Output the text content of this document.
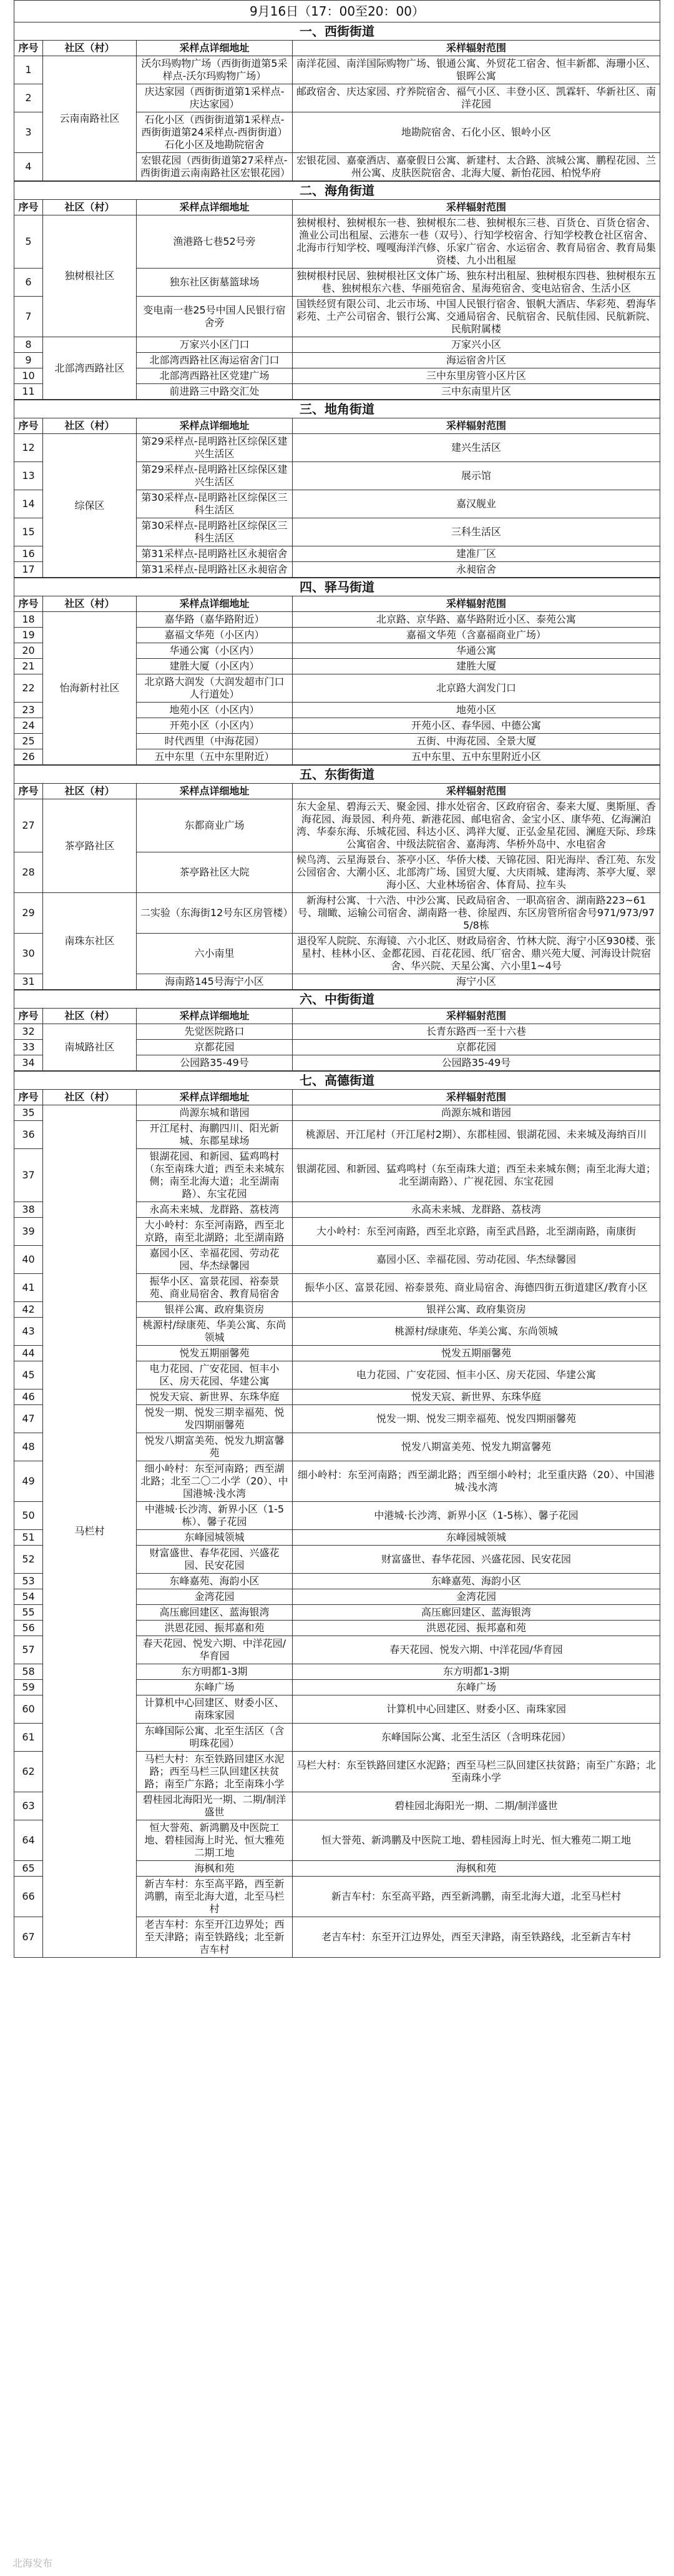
9月16日（17：00至20：00）
一、西街街道
序号	社区（村）	采样点详细地址	采样辐射范围
1	云南南路社区	沃尔玛购物广场（西街街道第5采样点-沃尔玛购物广场）	南洋花园、南洋国际购物广场、银通公寓、外贸花工宿舍、恒丰新都、海珊小区、银晖公寓
2		庆达家园（西街街道第1采样点-庆达家园）	邮政宿舍、庆达家园、疗养院宿舍、福气小区、丰登小区、凯霖轩、华新社区、南洋花园
3		石化小区（西街街道第1采样点-西街街道第24采样点-西街街道）石化小区及地勘院宿舍	地勘院宿舍、石化小区、银岭小区
4		宏银花园（西街街道第27采样点-西街街道云南南路社区宏银花园）	宏银花园、嘉豪酒店、嘉豪假日公寓、新建村、太合路、滨城公寓、鹏程花园、兰州公寓、皮肤医院宿舍、北海大厦、新怡花园、柏悦华府
二、海角街道
序号	社区（村）	采样点详细地址	采样辐射范围
5	独树根社区	渔港路七巷52号旁	独树根村、独树根东一巷、独树根东二巷、独树根东三巷、百货仓、百货仓宿舍、渔业公司出租屋、云港东一巷（双号）、行知学校宿舍、行知学校教仓社区宿舍、北海市行知学校、嘎嘎海洋汽修、乐家广宿舍、水运宿舍、教育局宿舍、教育局集资楼、九小出租屋
6		独东社区街墓篮球场	独树根村民居、独树根社区文体广场、独东村出租屋、独树根东四巷、独树根东五巷、独树根东六巷、华丽苑宿舍、星海苑宿舍、变电站宿舍、生活小区
7		变电南一巷25号中国人民银行宿舍旁	国铁经贸有限公司、北云市场、中国人民银行宿舍、银帆大酒店、华彩苑、碧海华彩苑、土产公司宿舍、银行公寓、交通局宿舍、民航宿舍、民航佳园、民航新院、民航附属楼
8	北部湾西路社区	万家兴小区门口	万家兴小区
9		北部湾西路社区海运宿舍门口	海运宿舍片区
10		北部湾西路社区党建广场	三中东里房管小区片区
11		前进路三中路交汇处	三中东南里片区
三、地角街道
序号	社区（村）	采样点详细地址	采样辐射范围
12	综保区	第29采样点-昆明路社区综保区建兴生活区	建兴生活区
13		第29采样点-昆明路社区综保区建兴生活区	展示馆
14		第30采样点-昆明路社区综保区三科生活区	嘉汉舰业
15		第30采样点-昆明路社区综保区三科生活区	三科生活区
16		第31采样点-昆明路社区永昶宿舍	建准厂区
17		第31采样点-昆明路社区永昶宿舍	永昶宿舍
四、驿马街道
序号	社区（村）	采样点详细地址	采样辐射范围
18	怡海新村社区	嘉华路（嘉华路附近）	北京路、京华路、嘉华路附近小区、泰苑公寓
19		嘉福文华苑（小区内）	嘉福文华苑（含嘉福商业广场）
20		华通公寓（小区内）	华通公寓
21		建胜大厦（小区内）	建胜大厦
22		北京路大润发（大润发超市门口人行道处）	北京路大润发门口
23		地苑小区（小区内）	地苑小区
24		开苑小区（小区内）	开苑小区、春华园、中德公寓
25		时代西里（中海花园）	五街、中海花园、全景大厦
26		五中东里（五中东里附近）	五中东里、五中东里附近小区
五、东街街道
序号	社区（村）	采样点详细地址	采样辐射范围
27	茶亭路社区	东都商业广场	东大金星、碧海云天、聚金园、排水处宿舍、区政府宿舍、泰来大厦、奥斯厘、香海花园、海景园、利舟苑、新港花园、邮电宿舍、金宝小区、康华苑、亿海澜泊湾、华泰东海、乐城花园、科达小区、鸿祥大厦、正弘金星花园、澜庭天际、珍珠公寓宿舍、中级法院宿舍、嘉海湾、华桥外岛中、水电宿舍
28		茶亭路社区大院	候鸟湾、云星海景台、茶亭小区、华侨大楼、天锦花园、阳光海岸、香江苑、东发公园宿舍、大潮小区、北部湾广场、国贸大厦、大庆雨城、建海湾、茶亭大厦、翠海小区、大业林场宿舍、体育局、拉车头
29	南珠东社区	二实验（东海街12号东区房管楼）	新海村公寓、十六浩、中沙公寓、民政局宿舍、一职高宿舍、湖南路223~61号、瑞瞰、运输公司宿舍、湖南路一巷、徐屋西、东区房管所宿舍号971/973/975/8栋
30		六小南里	退役军人院院、东海镜、六小北区、财政局宿舍、竹林大院、海宁小区930楼、张星村、桂林小区、金都花园、百花花园、纸厂宿舍、鼎兴苑大厦、河海设计院宿舍、华兴院、天星公寓、六小里1~4号
31		海南路145号海宁小区	海宁小区
六、中街街道
序号	社区（村）	采样点详细地址	采样辐射范围
32	南城路社区	先觉医院路口	长青东路西一至十六巷
33		京都花园	京都花园
34		公园路35-49号	公园路35-49号
七、高德街道
序号	社区（村）	采样点详细地址	采样辐射范围
35	马栏村	尚源东城和谐园	尚源东城和谐园
36		开江尾村、海鹏四川、阳光新城、东郡星球场	桃源居、开江尾村（开江尾村2期）、东郡桂园、银湖花园、未来城及海纳百川
37		银湖花园、和新园、猛鸡鸣村（东至南珠大道；西至未来城东侧；南至北海大道；北至湖南路）、东宝花园	银湖花园、和新园、猛鸡鸣村（东至南珠大道；西至未来城东侧；南至北海大道；北至湖南路）、广视花园、东宝花园
38		永高未来城、龙群路、荔枝湾	永高未来城、龙群路、荔枝湾
39		大小岭村：东至河南路，西至北京路，南至北湖路；北至湖南路	大小岭村：东至河南路，西至北京路，南至武昌路，北至湖南路，南康街
40		嘉园小区、幸福花园、劳动花园、华杰绿馨园	嘉园小区、幸福花园、劳动花园、华杰绿馨园
41		振华小区、富景花园、裕泰景苑、商业局宿舍、教育局宿舍	振华小区、富景花园、裕泰景苑、商业局宿舍、海德四街五街道建区/教育小区
42		银祥公寓、政府集资房	银祥公寓、政府集资房
43		桃源村/绿康苑、华美公寓、东尚领城	桃源村/绿康苑、华美公寓、东尚领城
44		悦发五期丽馨苑	悦发五期丽馨苑
45		电力花园、广安花园、恒丰小区、房天花园、华建公寓	电力花园、广安花园、恒丰小区、房天花园、华建公寓
46		悦发天宸、新世界、东珠华庭	悦发天宸、新世界、东珠华庭
47		悦发一期、悦发三期幸福苑、悦发四期丽馨苑	悦发一期、悦发三期幸福苑、悦发四期丽馨苑
48		悦发八期富美苑、悦发九期富馨苑	悦发八期富美苑、悦发九期富馨苑
49		细小岭村：东至河南路；西至湖北路；北至二〇二小学（20）、中国港城·浅水湾	细小岭村：东至河南路；西至湖北路；西至细小岭村；北至重庆路（20）、中国港城·浅水湾
50		中港城·长沙湾、新界小区（1-5栋）、馨子花园	中港城·长沙湾、新界小区（1-5栋）、馨子花园
51		东峰园城领城	东峰园城领城
52		财富盛世、春华花园、兴盛花园、民安花园	财富盛世、春华花园、兴盛花园、民安花园
53		东峰嘉苑、海韵小区	东峰嘉苑、海韵小区
54		金湾花园	金湾花园
55		高压廊回建区、蓝海银湾	高压廊回建区、蓝海银湾
56		洪恩花园、振邦嘉和苑	洪恩花园、振邦嘉和苑
57		春天花园、悦发六期、中洋花园/华育园	春天花园、悦发六期、中洋花园/华育园
58		东方明都1-3期	东方明都1-3期
59		东峰广场	东峰广场
60		计算机中心回建区、财委小区、南珠家园	计算机中心回建区、财委小区、南珠家园
61		东峰国际公寓、北至生活区（含明珠花园）	东峰国际公寓、北至生活区（含明珠花园）
62		马栏大村：东至铁路回建区水泥路；西至马栏三队回建区扶贫路；南至广东路；北至南珠小学	马栏大村：东至铁路回建区水泥路；西至马栏三队回建区扶贫路；南至广东路；北至南珠小学
63		碧桂园北海阳光一期、二期/制洋盛世	碧桂园北海阳光一期、二期/制洋盛世
64		恒大誉苑、新鸿鹏及中医院工地、碧桂园海上时光、恒大雅苑二期工地	恒大誉苑、新鸿鹏及中医院工地、碧桂园海上时光、恒大雅苑二期工地
65		海枫和苑	海枫和苑
66		新吉车村：东至高平路，西至新鸿鹏，南至北海大道，北至马栏村	新吉车村：东至高平路，西至新鸿鹏，南至北海大道，北至马栏村
67		老吉车村：东至开江边界处；西至天津路；南至铁路线；北至新吉车村	老吉车村：东至开江边界处，西至天津路，南至铁路线，北至新吉车村
北海发布
